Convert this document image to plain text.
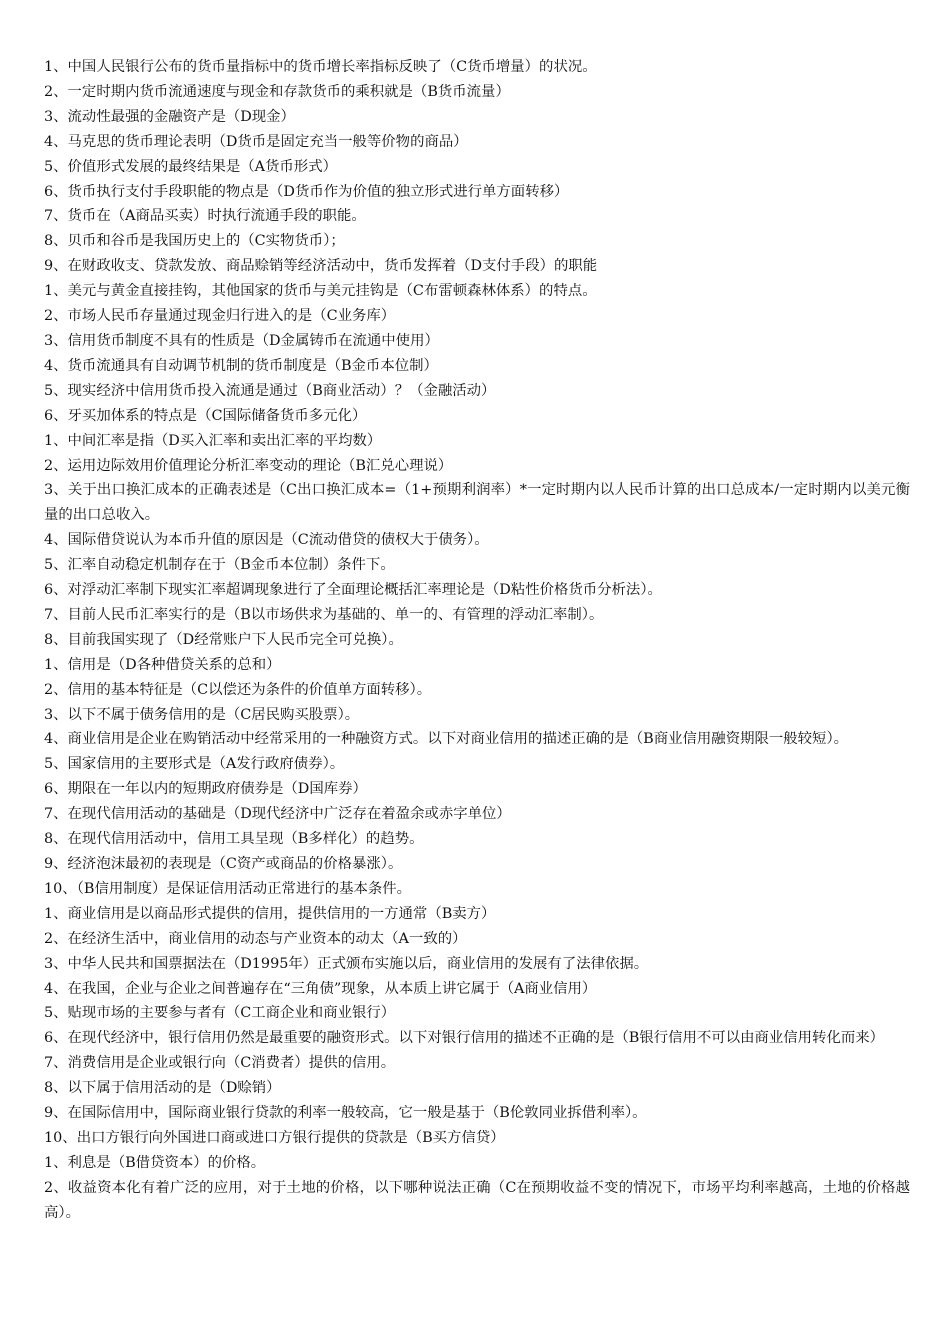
1、中国人民银行公布的货币量指标中的货币增长率指标反映了（C货币增量）的状况。

2、一定时期内货币流通速度与现金和存款货币的乘积就是（B货币流量）

3、流动性最强的金融资产是（D现金）

4、马克思的货币理论表明（D货币是固定充当一般等价物的商品）

5、价值形式发展的最终结果是（A货币形式）

6、货币执行支付手段职能的物点是（D货币作为价值的独立形式进行单方面转移）

7、货币在（A商品买卖）时执行流通手段的职能。

8、贝币和谷币是我国历史上的（C实物货币）；

9、在财政收支、贷款发放、商品赊销等经济活动中，货币发挥着（D支付手段）的职能

1、美元与黄金直接挂钩，其他国家的货币与美元挂钩是（C布雷顿森林体系）的特点。

2、市场人民币存量通过现金归行进入的是（C业务库）

3、信用货币制度不具有的性质是（D金属铸币在流通中使用）

4、货币流通具有自动调节机制的货币制度是（B金币本位制）

5、现实经济中信用货币投入流通是通过（B商业活动）？（金融活动）

6、牙买加体系的特点是（C国际储备货币多元化）

1、中间汇率是指（D买入汇率和卖出汇率的平均数）

2、运用边际效用价值理论分析汇率变动的理论（B汇兑心理说）

3、关于出口换汇成本的正确表述是（C出口换汇成本=（1+预期利润率）*一定时期内以人民币计算的出口总成本/一定时期内以美元衡量的出口总收入。

4、国际借贷说认为本币升值的原因是（C流动借贷的债权大于债务）。

5、汇率自动稳定机制存在于（B金币本位制）条件下。

6、对浮动汇率制下现实汇率超调现象进行了全面理论概括汇率理论是（D粘性价格货币分析法）。

7、目前人民币汇率实行的是（B以市场供求为基础的、单一的、有管理的浮动汇率制）。

8、目前我国实现了（D经常账户下人民币完全可兑换）。

1、信用是（D各种借贷关系的总和）

2、信用的基本特征是（C以偿还为条件的价值单方面转移）。

3、以下不属于债务信用的是（C居民购买股票）。

4、商业信用是企业在购销活动中经常采用的一种融资方式。以下对商业信用的描述正确的是（B商业信用融资期限一般较短）。

5、国家信用的主要形式是（A发行政府债券）。

6、期限在一年以内的短期政府债券是（D国库券）

7、在现代信用活动的基础是（D现代经济中广泛存在着盈余或赤字单位）

8、在现代信用活动中，信用工具呈现（B多样化）的趋势。

9、经济泡沫最初的表现是（C资产或商品的价格暴涨）。

10、（B信用制度）是保证信用活动正常进行的基本条件。

1、商业信用是以商品形式提供的信用，提供信用的一方通常（B卖方）

2、在经济生活中，商业信用的动态与产业资本的动太（A一致的）

3、中华人民共和国票据法在（D1995年）正式颁布实施以后，商业信用的发展有了法律依据。

4、在我国，企业与企业之间普遍存在“三角债”现象，从本质上讲它属于（A商业信用）

5、贴现市场的主要参与者有（C工商企业和商业银行）

6、在现代经济中，银行信用仍然是最重要的融资形式。以下对银行信用的描述不正确的是（B银行信用不可以由商业信用转化而来）

7、消费信用是企业或银行向（C消费者）提供的信用。

8、以下属于信用活动的是（D赊销）

9、在国际信用中，国际商业银行贷款的利率一般较高，它一般是基于（B伦敦同业拆借利率）。

10、出口方银行向外国进口商或进口方银行提供的贷款是（B买方信贷）

1、利息是（B借贷资本）的价格。

2、收益资本化有着广泛的应用，对于土地的价格，以下哪种说法正确（C在预期收益不变的情况下，市场平均利率越高，土地的价格越高）。
